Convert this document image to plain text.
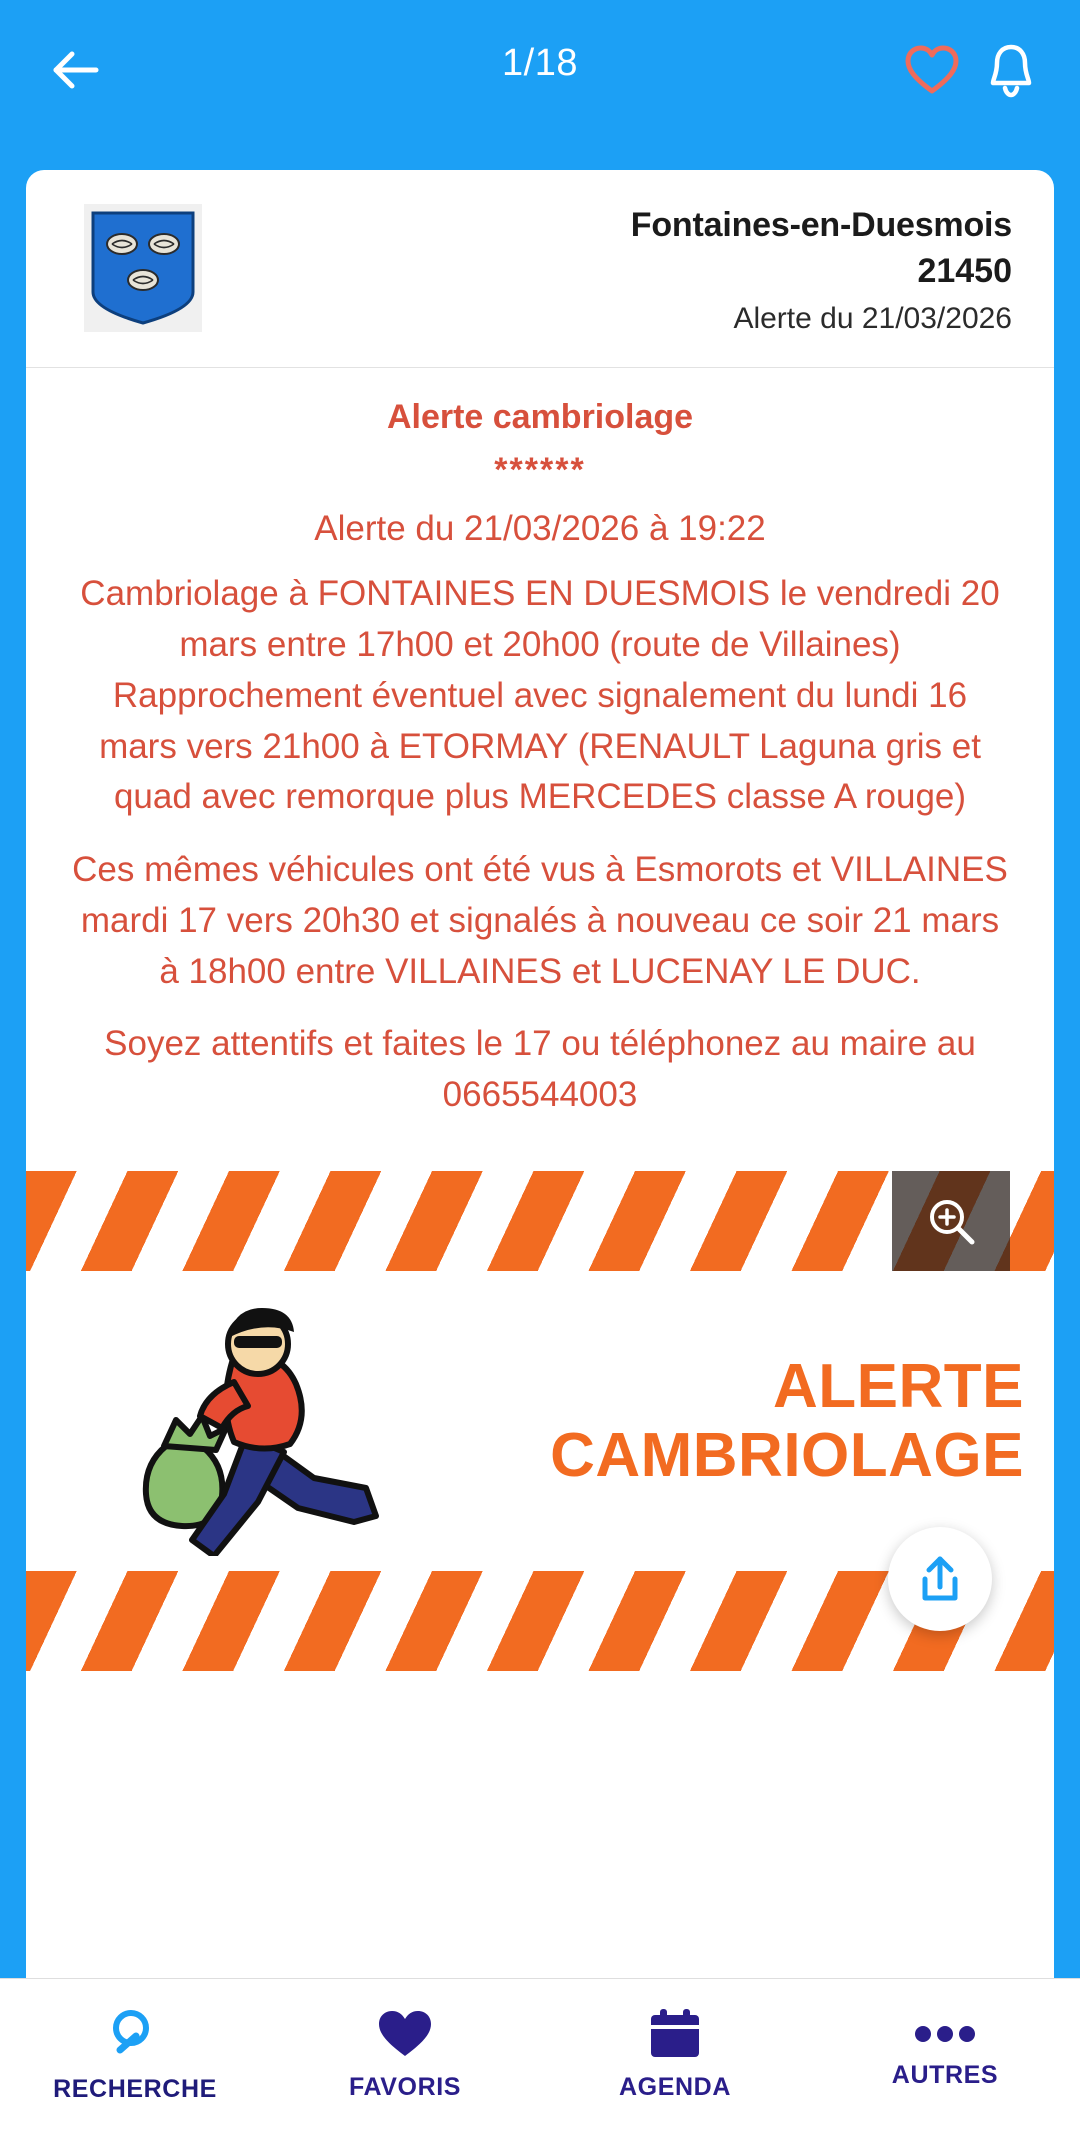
1/18
Fontaines-en-Duesmois
21450
Alerte du 21/03/2026
Alerte cambriolage
******
Alerte du 21/03/2026 à 19:22
Cambriolage à FONTAINES EN DUESMOIS le vendredi 20 mars entre 17h00 et 20h00 (route de Villaines) Rapprochement éventuel avec signalement du lundi 16 mars vers 21h00 à ETORMAY (RENAULT Laguna gris et quad avec remorque plus MERCEDES classe A rouge)
Ces mêmes véhicules ont été vus à Esmorots et VILLAINES mardi 17 vers 20h30 et signalés à nouveau ce soir 21 mars à 18h00 entre VILLAINES et LUCENAY LE DUC.
Soyez attentifs et faites le 17 ou téléphonez au maire au 0665544003
ALERTE
CAMBRIOLAGE
RECHERCHE	FAVORIS	AGENDA	AUTRES
